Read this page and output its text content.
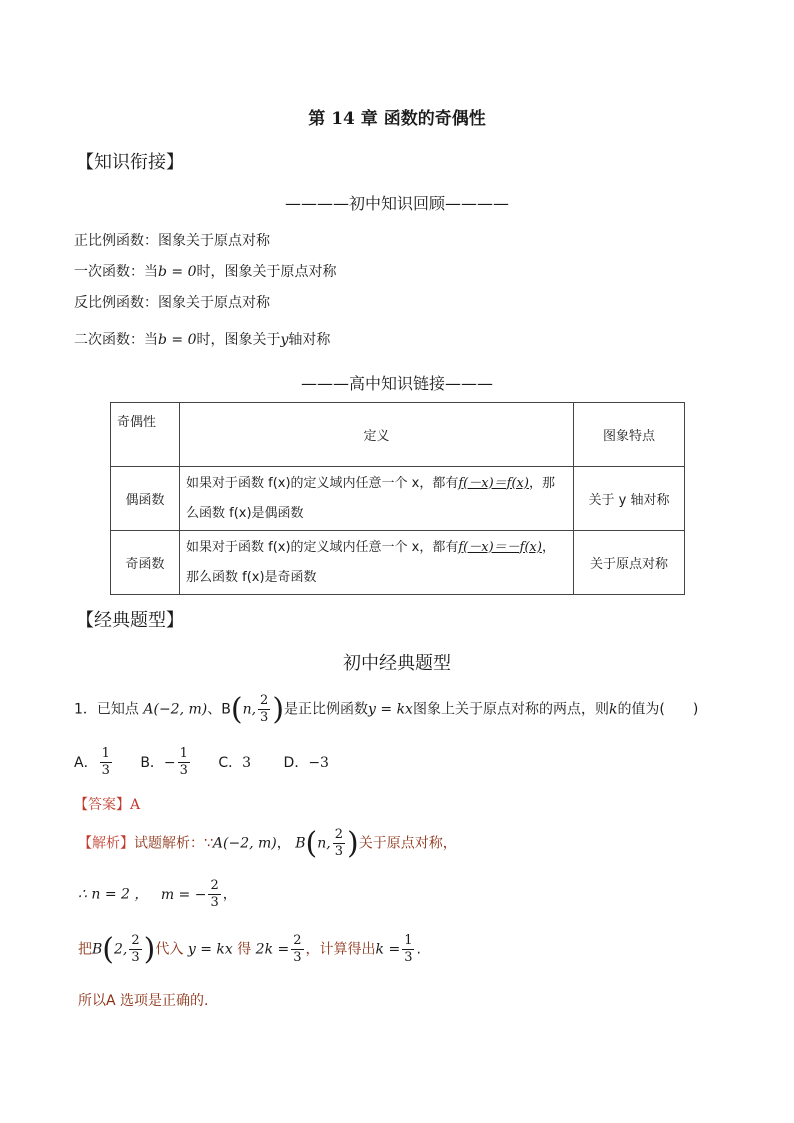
第 14 章 函数的奇偶性
【知识衔接】
————初中知识回顾————
正比例函数：图象关于原点对称
一次函数：当b = 0时，图象关于原点对称
反比例函数：图象关于原点对称
二次函数：当b = 0时，图象关于y轴对称
———高中知识链接———
奇偶性	定义	图象特点
偶函数	如果对于函数 f(x)的定义域内任意一个 x，都有f(－x)＝f(x)，那
么函数 f(x)是偶函数	关于 y 轴对称
奇函数	如果对于函数 f(x)的定义域内任意一个 x，都有f(－x)＝－f(x)，
那么函数 f(x)是奇函数	关于原点对称
【经典题型】
初中经典题型
1．已知点 A(−2, m)、B(n, $\frac{2}{3}$ )是正比例函数y = kx图象上关于原点对称的两点，则k的值为(　　)
A． $\frac{1}{3}$ B．− $\frac{1}{3}$ C．3 D．−3
【答案】A
【解析】试题解析：∵A(−2, m)， B(n, $\frac{2}{3}$ )关于原点对称，
∴ n = 2 ， m = − $\frac{2}{3}$ ，
把B(2, $\frac{2}{3}$ )代入 y = kx 得 $2k = \frac{2}{3}$ ，计算得出$k = \frac{1}{3}$ .
所以A 选项是正确的.
